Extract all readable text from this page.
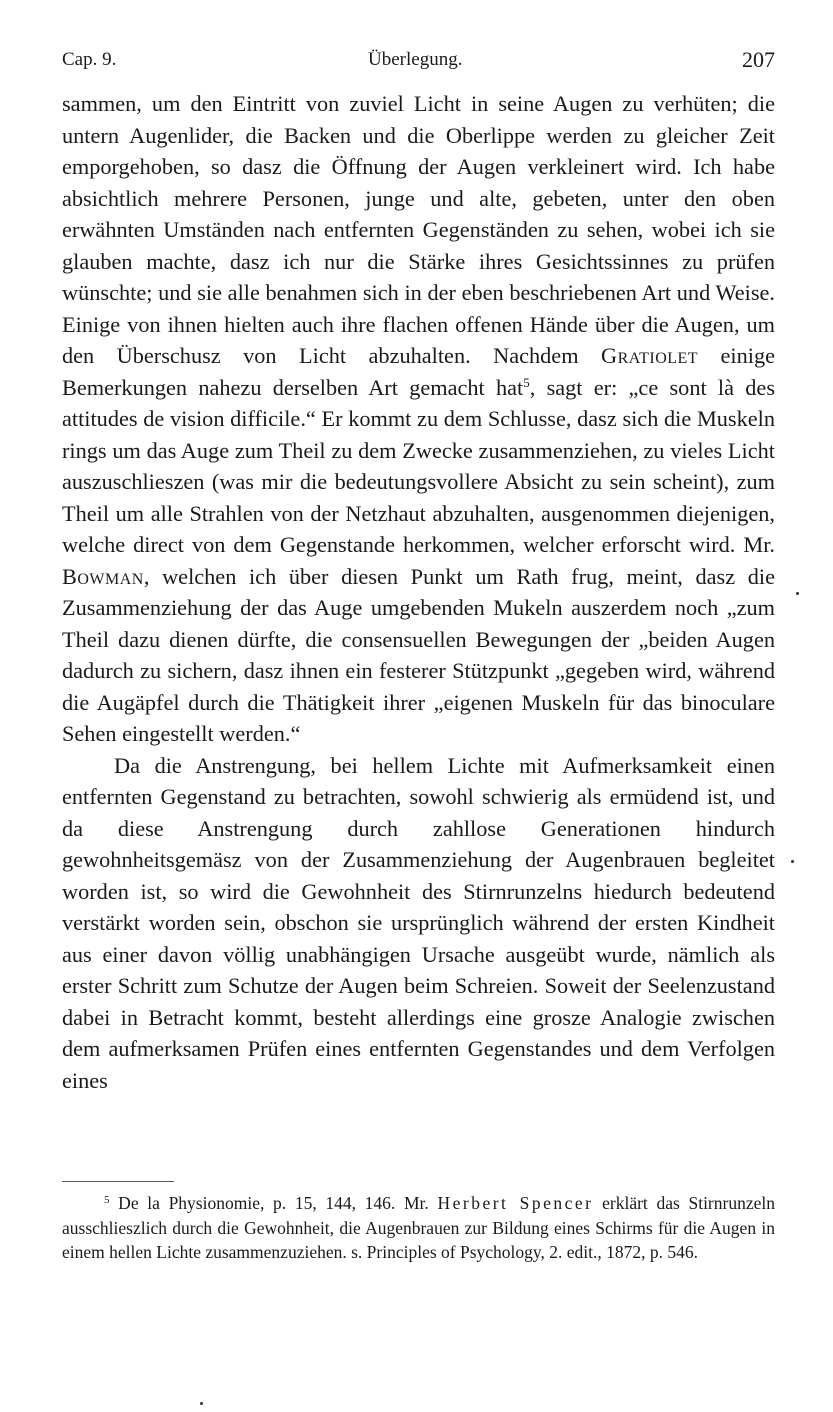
Cap. 9.	Überlegung.	207

sammen, um den Eintritt von zuviel Licht in seine Augen zu verhüten; die untern Augenlider, die Backen und die Oberlippe werden zu gleicher Zeit emporgehoben, so dasz die Öffnung der Augen verkleinert wird. Ich habe absichtlich mehrere Personen, junge und alte, gebeten, unter den oben erwähnten Umständen nach entfernten Gegenständen zu sehen, wobei ich sie glauben machte, dasz ich nur die Stärke ihres Gesichtssinnes zu prüfen wünschte; und sie alle benahmen sich in der eben beschriebenen Art und Weise. Einige von ihnen hielten auch ihre flachen offenen Hände über die Augen, um den Überschusz von Licht abzuhalten. Nachdem Gratiolet einige Bemerkungen nahezu derselben Art gemacht hat$^5$, sagt er: „ce sont là des attitudes de vision difficile.“ Er kommt zu dem Schlusse, dasz sich die Muskeln rings um das Auge zum Theil zu dem Zwecke zusammenziehen, zu vieles Licht auszuschlieszen (was mir die bedeutungsvollere Absicht zu sein scheint), zum Theil um alle Strahlen von der Netzhaut abzuhalten, ausgenommen diejenigen, welche direct von dem Gegenstande herkommen, welcher erforscht wird. Mr. Bowman, welchen ich über diesen Punkt um Rath frug, meint, dasz die Zusammenziehung der das Auge umgebenden Mukeln auszerdem noch „zum Theil dazu dienen dürfte, die consensuellen Bewegungen der „beiden Augen dadurch zu sichern, dasz ihnen ein festerer Stützpunkt „gegeben wird, während die Augäpfel durch die Thätigkeit ihrer „eigenen Muskeln für das binoculare Sehen eingestellt werden.“

Da die Anstrengung, bei hellem Lichte mit Aufmerksamkeit einen entfernten Gegenstand zu betrachten, sowohl schwierig als ermüdend ist, und da diese Anstrengung durch zahllose Generationen hindurch gewohnheitsgemäsz von der Zusammenziehung der Augenbrauen begleitet worden ist, so wird die Gewohnheit des Stirnrunzelns hiedurch bedeutend verstärkt worden sein, obschon sie ursprünglich während der ersten Kindheit aus einer davon völlig unabhängigen Ursache ausgeübt wurde, nämlich als erster Schritt zum Schutze der Augen beim Schreien. Soweit der Seelenzustand dabei in Betracht kommt, besteht allerdings eine grosze Analogie zwischen dem aufmerksamen Prüfen eines entfernten Gegenstandes und dem Verfolgen eines

$^5$ De la Physionomie, p. 15, 144, 146. Mr. Herbert Spencer erklärt das Stirnrunzeln ausschlieszlich durch die Gewohnheit, die Augenbrauen zur Bildung eines Schirms für die Augen in einem hellen Lichte zusammenzuziehen. s. Principles of Psychology, 2. edit., 1872, p. 546.
